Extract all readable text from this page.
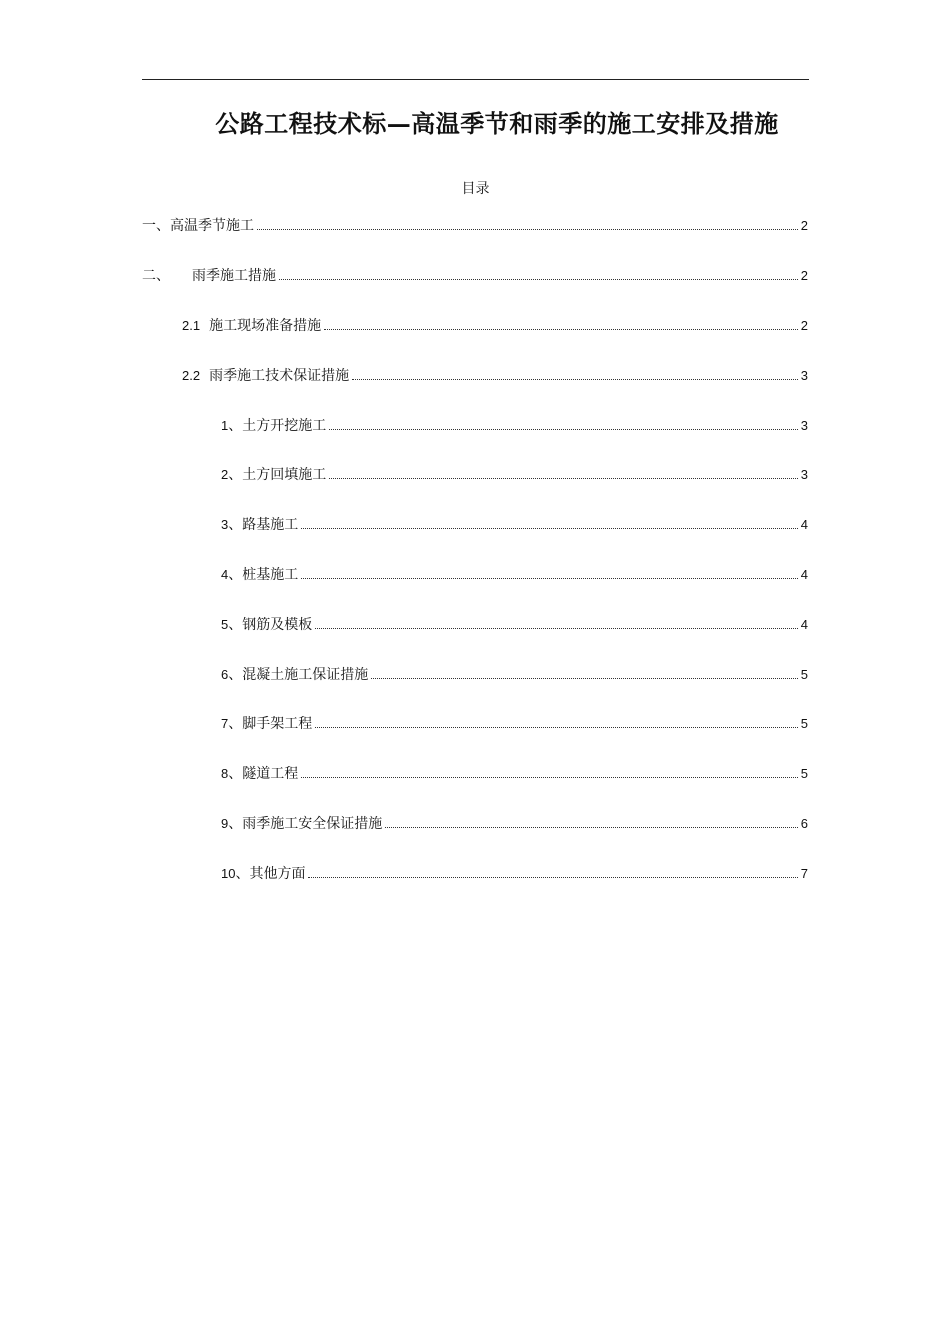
公路工程技术标—高温季节和雨季的施工安排及措施
目录
一、高温季节施工	2
二、 雨季施工措施	2
2.1 施工现场准备措施	2
2.2 雨季施工技术保证措施	3
1、土方开挖施工	3
2、土方回填施工	3
3、路基施工	4
4、桩基施工	4
5、钢筋及模板	4
6、混凝土施工保证措施	5
7、脚手架工程	5
8、隧道工程	5
9、雨季施工安全保证措施	6
10、其他方面	7
